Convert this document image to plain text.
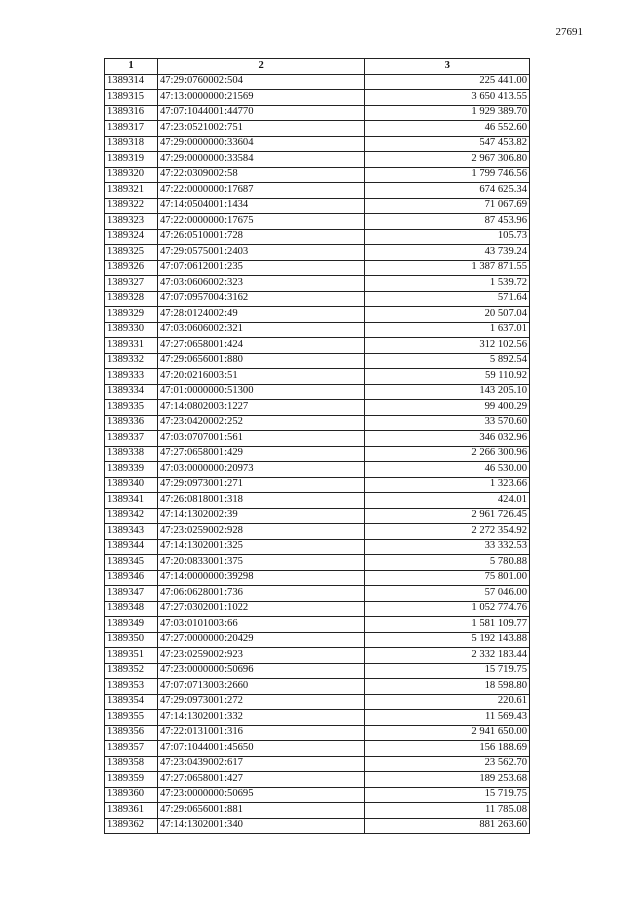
27691
1	2	3
1389314	47:29:0760002:504	225 441.00
1389315	47:13:0000000:21569	3 650 413.55
1389316	47:07:1044001:44770	1 929 389.70
1389317	47:23:0521002:751	46 552.60
1389318	47:29:0000000:33604	547 453.82
1389319	47:29:0000000:33584	2 967 306.80
1389320	47:22:0309002:58	1 799 746.56
1389321	47:22:0000000:17687	674 625.34
1389322	47:14:0504001:1434	71 067.69
1389323	47:22:0000000:17675	87 453.96
1389324	47:26:0510001:728	105.73
1389325	47:29:0575001:2403	43 739.24
1389326	47:07:0612001:235	1 387 871.55
1389327	47:03:0606002:323	1 539.72
1389328	47:07:0957004:3162	571.64
1389329	47:28:0124002:49	20 507.04
1389330	47:03:0606002:321	1 637.01
1389331	47:27:0658001:424	312 102.56
1389332	47:29:0656001:880	5 892.54
1389333	47:20:0216003:51	59 110.92
1389334	47:01:0000000:51300	143 205.10
1389335	47:14:0802003:1227	99 400.29
1389336	47:23:0420002:252	33 570.60
1389337	47:03:0707001:561	346 032.96
1389338	47:27:0658001:429	2 266 300.96
1389339	47:03:0000000:20973	46 530.00
1389340	47:29:0973001:271	1 323.66
1389341	47:26:0818001:318	424.01
1389342	47:14:1302002:39	2 961 726.45
1389343	47:23:0259002:928	2 272 354.92
1389344	47:14:1302001:325	33 332.53
1389345	47:20:0833001:375	5 780.88
1389346	47:14:0000000:39298	75 801.00
1389347	47:06:0628001:736	57 046.00
1389348	47:27:0302001:1022	1 052 774.76
1389349	47:03:0101003:66	1 581 109.77
1389350	47:27:0000000:20429	5 192 143.88
1389351	47:23:0259002:923	2 332 183.44
1389352	47:23:0000000:50696	15 719.75
1389353	47:07:0713003:2660	18 598.80
1389354	47:29:0973001:272	220.61
1389355	47:14:1302001:332	11 569.43
1389356	47:22:0131001:316	2 941 650.00
1389357	47:07:1044001:45650	156 188.69
1389358	47:23:0439002:617	23 562.70
1389359	47:27:0658001:427	189 253.68
1389360	47:23:0000000:50695	15 719.75
1389361	47:29:0656001:881	11 785.08
1389362	47:14:1302001:340	881 263.60
